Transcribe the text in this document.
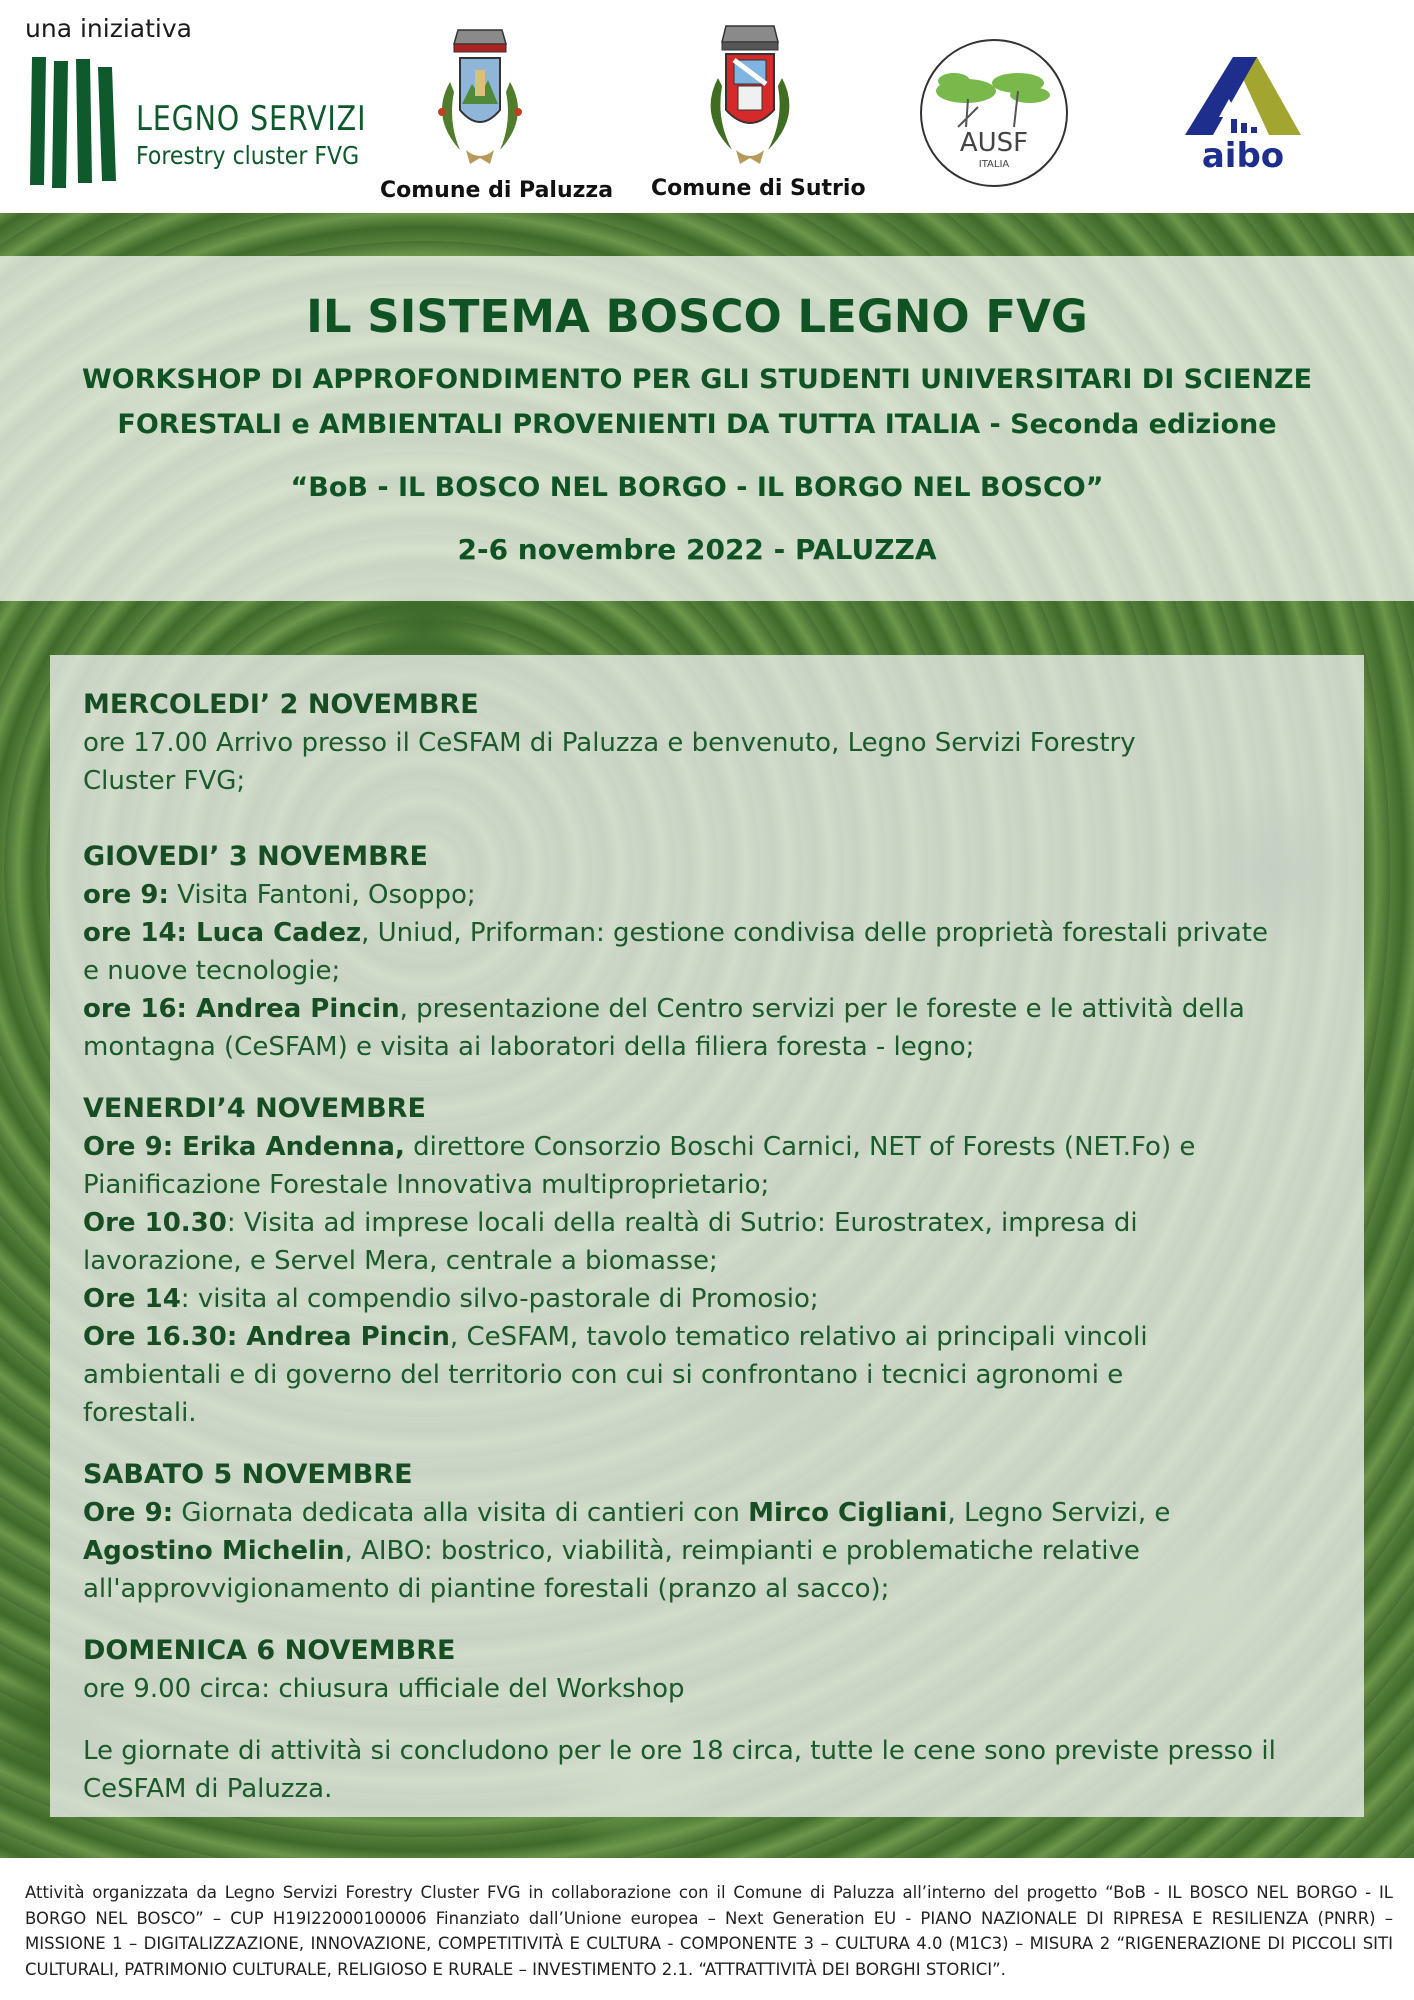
una iniziativa
LEGNO SERVIZI
Forestry cluster FVG
Comune di Paluzza Comune di Sutrio
AUSF
ITALIA	aibo
IL SISTEMA BOSCO LEGNO FVG
WORKSHOP DI APPROFONDIMENTO PER GLI STUDENTI UNIVERSITARI DI SCIENZE
FORESTALI e AMBIENTALI PROVENIENTI DA TUTTA ITALIA - Seconda edizione
“BoB - IL BOSCO NEL BORGO - IL BORGO NEL BOSCO”
2-6 novembre 2022 - PALUZZA

MERCOLEDI’ 2 NOVEMBRE

ore 17.00 Arrivo presso il CeSFAM di Paluzza e benvenuto, Legno Servizi Forestry

Cluster FVG;

GIOVEDI’ 3 NOVEMBRE

ore 9: Visita Fantoni, Osoppo;

ore 14: Luca Cadez, Uniud, Priforman: gestione condivisa delle proprietà forestali private

e nuove tecnologie;

ore 16: Andrea Pincin, presentazione del Centro servizi per le foreste e le attività della

montagna (CeSFAM) e visita ai laboratori della filiera foresta - legno;

VENERDI’4 NOVEMBRE

Ore 9: Erika Andenna, direttore Consorzio Boschi Carnici, NET of Forests (NET.Fo) e

Pianificazione Forestale Innovativa multiproprietario;

Ore 10.30: Visita ad imprese locali della realtà di Sutrio: Eurostratex, impresa di

lavorazione, e Servel Mera, centrale a biomasse;

Ore 14: visita al compendio silvo-pastorale di Promosio;

Ore 16.30: Andrea Pincin, CeSFAM, tavolo tematico relativo ai principali vincoli

ambientali e di governo del territorio con cui si confrontano i tecnici agronomi e

forestali.

SABATO 5 NOVEMBRE

Ore 9: Giornata dedicata alla visita di cantieri con Mirco Cigliani, Legno Servizi, e

Agostino Michelin, AIBO: bostrico, viabilità, reimpianti e problematiche relative

all'approvvigionamento di piantine forestali (pranzo al sacco);

DOMENICA 6 NOVEMBRE

ore 9.00 circa: chiusura ufficiale del Workshop

Le giornate di attività si concludono per le ore 18 circa, tutte le cene sono previste presso il

CeSFAM di Paluzza.

Attività organizzata da Legno Servizi Forestry Cluster FVG in collaborazione con il Comune di Paluzza all’interno del progetto “BoB - IL BOSCO NEL BORGO - IL BORGO NEL BOSCO” – CUP H19I22000100006 Finanziato dall’Unione europea – Next Generation EU - PIANO NAZIONALE DI RIPRESA E RESILIENZA (PNRR) – MISSIONE 1 – DIGITALIZZAZIONE, INNOVAZIONE, COMPETITIVITÀ E CULTURA - COMPONENTE 3 – CULTURA 4.0 (M1C3) – MISURA 2 “RIGENERAZIONE DI PICCOLI SITI CULTURALI, PATRIMONIO CULTURALE, RELIGIOSO E RURALE – INVESTIMENTO 2.1. “ATTRATTIVITÀ DEI BORGHI STORICI”.
